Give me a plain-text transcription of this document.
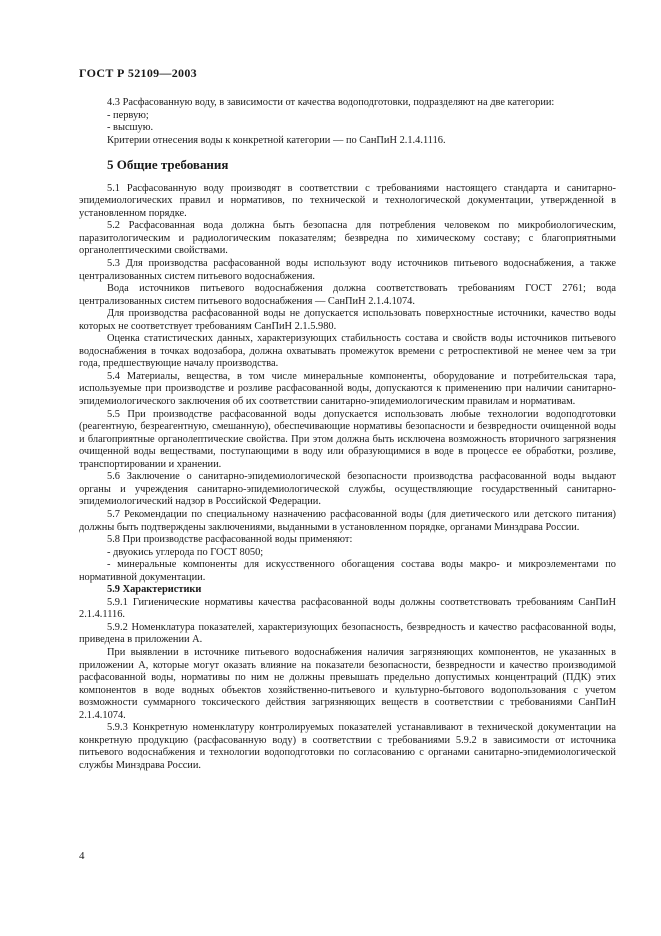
ГОСТ Р 52109—2003

4.3 Расфасованную воду, в зависимости от качества водоподготовки, подразделяют на две категории:

- первую;

- высшую.

Критерии отнесения воды к конкретной категории — по СанПиН 2.1.4.1116.

5 Общие требования

5.1 Расфасованную воду производят в соответствии с требованиями настоящего стандарта и санитарно-эпидемиологических правил и нормативов, по технической и технологической документации, утвержденной в установленном порядке.

5.2 Расфасованная вода должна быть безопасна для потребления человеком по микробиологическим, паразитологическим и радиологическим показателям; безвредна по химическому составу; с благоприятными органолептическими свойствами.

5.3 Для производства расфасованной воды используют воду источников питьевого водоснабжения, а также централизованных систем питьевого водоснабжения.

Вода источников питьевого водоснабжения должна соответствовать требованиям ГОСТ 2761; вода централизованных систем питьевого водоснабжения — СанПиН 2.1.4.1074.

Для производства расфасованной воды не допускается использовать поверхностные источники, качество воды которых не соответствует требованиям СанПиН 2.1.5.980.

Оценка статистических данных, характеризующих стабильность состава и свойств воды источников питьевого водоснабжения в точках водозабора, должна охватывать промежуток времени с ретроспективой не менее чем за три года, предшествующие началу производства.

5.4 Материалы, вещества, в том числе минеральные компоненты, оборудование и потребительская тара, используемые при производстве и розливе расфасованной воды, допускаются к применению при наличии санитарно-эпидемиологического заключения об их соответствии санитарно-эпидемиологическим правилам и нормативам.

5.5 При производстве расфасованной воды допускается использовать любые технологии водоподготовки (реагентную, безреагентную, смешанную), обеспечивающие нормативы безопасности и безвредности очищенной воды и благоприятные органолептические свойства. При этом должна быть исключена возможность вторичного загрязнения очищенной воды веществами, поступающими в воду или образующимися в воде в процессе ее обработки, розливе, транспортировании и хранении.

5.6 Заключение о санитарно-эпидемиологической безопасности производства расфасованной воды выдают органы и учреждения санитарно-эпидемиологической службы, осуществляющие государственный санитарно-эпидемиологический надзор в Российской Федерации.

5.7 Рекомендации по специальному назначению расфасованной воды (для диетического или детского питания) должны быть подтверждены заключениями, выданными в установленном порядке, органами Минздрава России.

5.8 При производстве расфасованной воды применяют:

- двуокись углерода по ГОСТ 8050;

- минеральные компоненты для искусственного обогащения состава воды макро- и микроэлементами по нормативной документации.

5.9 Характеристики

5.9.1 Гигиенические нормативы качества расфасованной воды должны соответствовать требованиям СанПиН 2.1.4.1116.

5.9.2 Номенклатура показателей, характеризующих безопасность, безвредность и качество расфасованной воды, приведена в приложении А.

При выявлении в источнике питьевого водоснабжения наличия загрязняющих компонентов, не указанных в приложении А, которые могут оказать влияние на показатели безопасности, безвредности и качество производимой расфасованной воды, нормативы по ним не должны превышать предельно допустимых концентраций (ПДК) этих компонентов в воде водных объектов хозяйственно-питьевого и культурно-бытового водопользования с учетом возможности суммарного токсического действия загрязняющих веществ в соответствии с требованиями СанПиН 2.1.4.1074.

5.9.3 Конкретную номенклатуру контролируемых показателей устанавливают в технической документации на конкретную продукцию (расфасованную воду) в соответствии с требованиями 5.9.2 в зависимости от источника питьевого водоснабжения и технологии водоподготовки по согласованию с органами санитарно-эпидемиологической службы Минздрава России.

4
